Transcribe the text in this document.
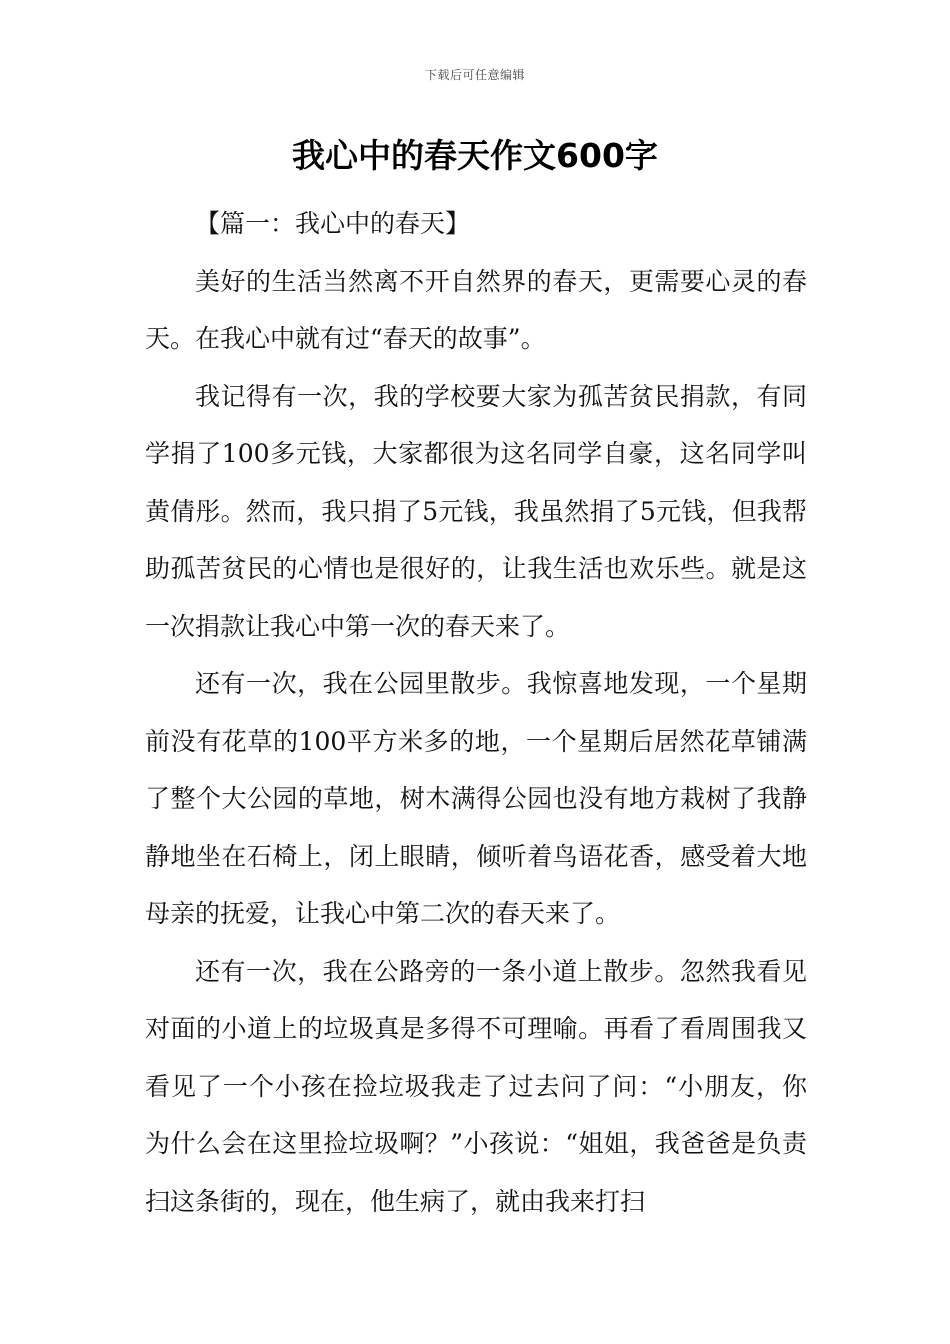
下载后可任意编辑
我心中的春天作文600字

【篇一：我心中的春天】

美好的生活当然离不开自然界的春天，更需要心灵的春天。在我心中就有过“春天的故事”。

我记得有一次，我的学校要大家为孤苦贫民捐款，有同学捐了100多元钱，大家都很为这名同学自豪，这名同学叫黄倩彤。然而，我只捐了5元钱，我虽然捐了5元钱，但我帮助孤苦贫民的心情也是很好的，让我生活也欢乐些。就是这一次捐款让我心中第一次的春天来了。

还有一次，我在公园里散步。我惊喜地发现，一个星期前没有花草的100平方米多的地，一个星期后居然花草铺满了整个大公园的草地，树木满得公园也没有地方栽树了我静静地坐在石椅上，闭上眼睛，倾听着鸟语花香，感受着大地母亲的抚爱，让我心中第二次的春天来了。

还有一次，我在公路旁的一条小道上散步。忽然我看见对面的小道上的垃圾真是多得不可理喻。再看了看周围我又看见了一个小孩在捡垃圾我走了过去问了问：“小朋友，你为什么会在这里捡垃圾啊？”小孩说：“姐姐，我爸爸是负责扫这条街的，现在，他生病了，就由我来打扫
